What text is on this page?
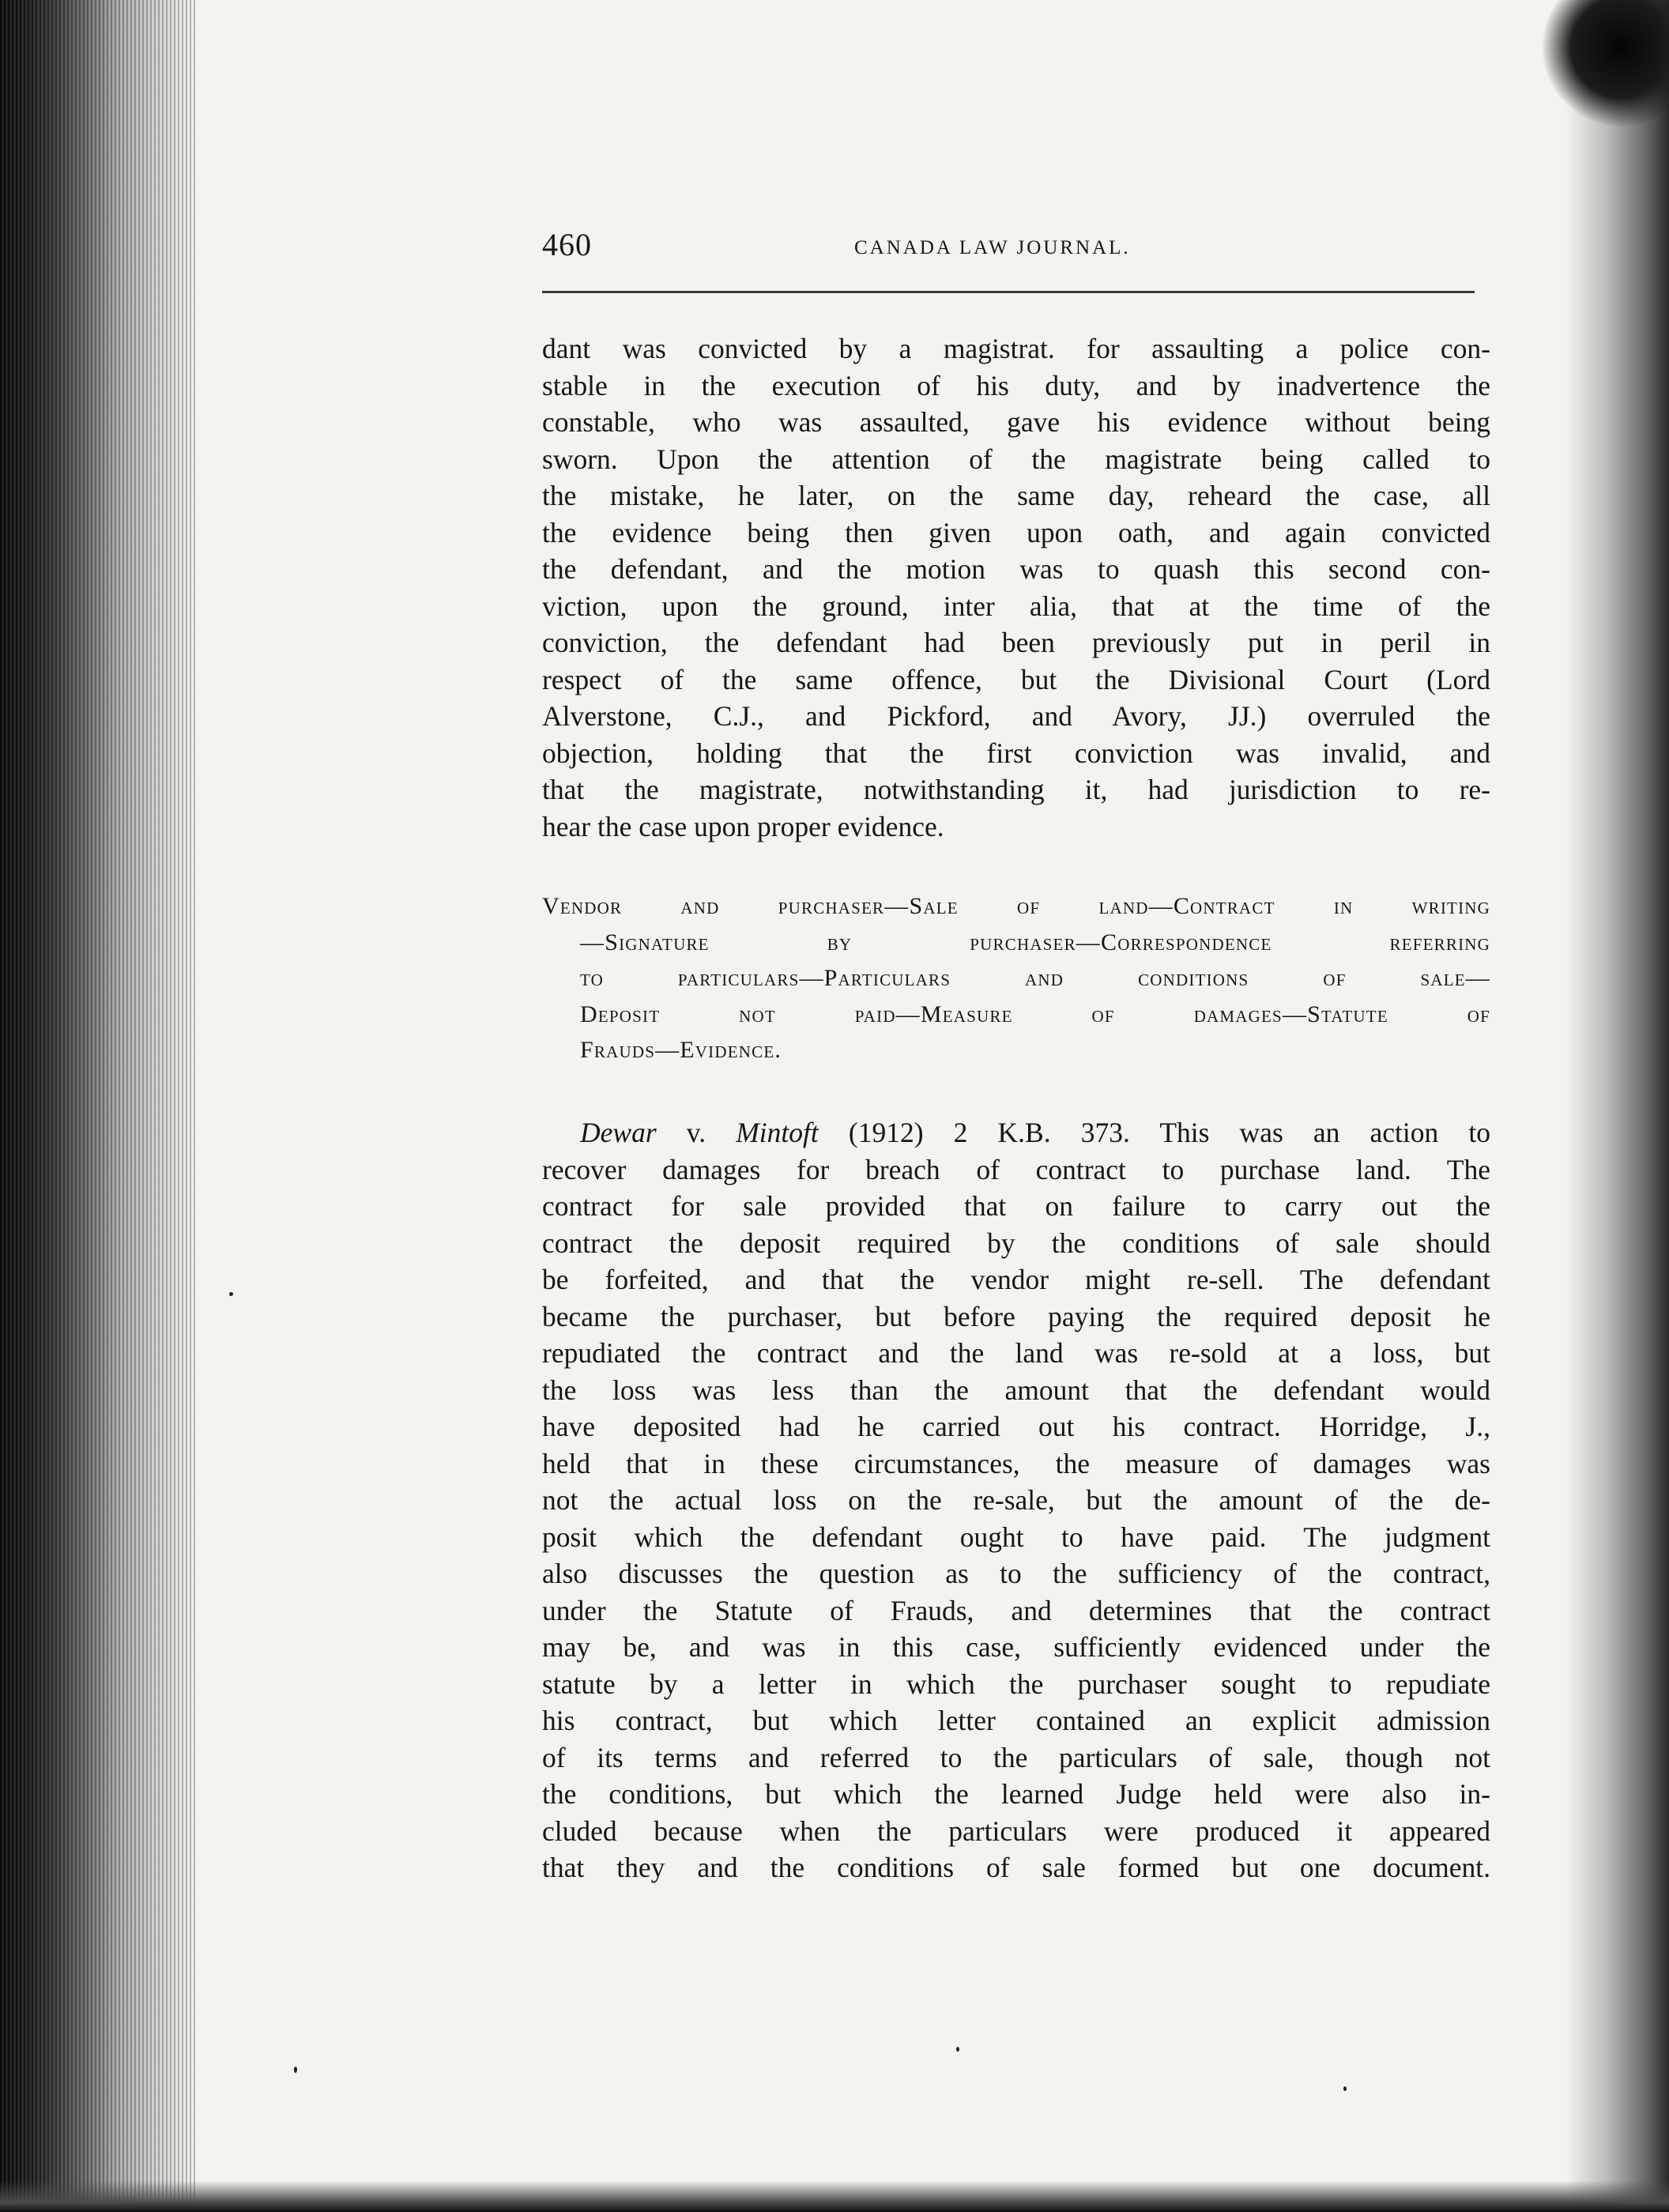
460	CANADA LAW JOURNAL.

dant was convicted by a magistrat. for assaulting a police con-

stable in the execution of his duty, and by inadvertence the

constable, who was assaulted, gave his evidence without being

sworn. Upon the attention of the magistrate being called to

the mistake, he later, on the same day, reheard the case, all

the evidence being then given upon oath, and again convicted

the defendant, and the motion was to quash this second con-

viction, upon the ground, inter alia, that at the time of the

conviction, the defendant had been previously put in peril in

respect of the same offence, but the Divisional Court (Lord

Alverstone, C.J., and Pickford, and Avory, JJ.) overruled the

objection, holding that the first conviction was invalid, and

that the magistrate, notwithstanding it, had jurisdiction to re-

hear the case upon proper evidence.

Vendor and purchaser—Sale of land—Contract in writing

—Signature by purchaser—Correspondence referring

to particulars—Particulars and conditions of sale—

Deposit not paid—Measure of damages—Statute of

Frauds—Evidence.

Dewar v. Mintoft (1912) 2 K.B. 373. This was an action to

recover damages for breach of contract to purchase land. The

contract for sale provided that on failure to carry out the

contract the deposit required by the conditions of sale should

be forfeited, and that the vendor might re-sell. The defendant

became the purchaser, but before paying the required deposit he

repudiated the contract and the land was re-sold at a loss, but

the loss was less than the amount that the defendant would

have deposited had he carried out his contract. Horridge, J.,

held that in these circumstances, the measure of damages was

not the actual loss on the re-sale, but the amount of the de-

posit which the defendant ought to have paid. The judgment

also discusses the question as to the sufficiency of the contract,

under the Statute of Frauds, and determines that the contract

may be, and was in this case, sufficiently evidenced under the

statute by a letter in which the purchaser sought to repudiate

his contract, but which letter contained an explicit admission

of its terms and referred to the particulars of sale, though not

the conditions, but which the learned Judge held were also in-

cluded because when the particulars were produced it appeared

that they and the conditions of sale formed but one document.
